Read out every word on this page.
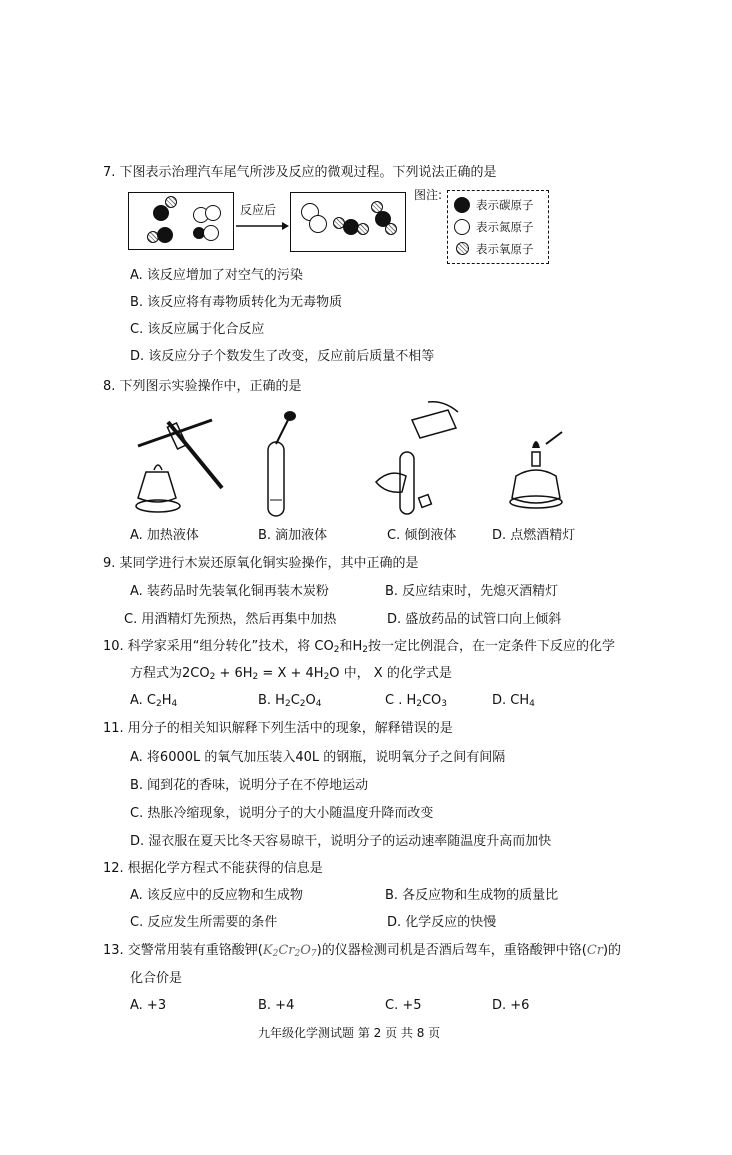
7. 下图表示治理汽车尾气所涉及反应的微观过程。下列说法正确的是
反应后
图注:
表示碳原子
表示氮原子
表示氧原子
A. 该反应增加了对空气的污染
B. 该反应将有毒物质转化为无毒物质
C. 该反应属于化合反应
D. 该反应分子个数发生了改变，反应前后质量不相等
8. 下列图示实验操作中，正确的是
A. 加热液体	B. 滴加液体	C. 倾倒液体	D. 点燃酒精灯
9. 某同学进行木炭还原氧化铜实验操作，其中正确的是
A. 装药品时先装氧化铜再装木炭粉	B. 反应结束时，先熄灭酒精灯
C. 用酒精灯先预热，然后再集中加热	D. 盛放药品的试管口向上倾斜
10. 科学家采用“组分转化”技术，将 $CO_2$和$H_2$按一定比例混合，在一定条件下反应的化学
方程式为$2CO_2 + 6H_2 = X + 4H_2O$ 中， X 的化学式是
A. $C_2H_4$	B. $H_2C_2O_4$	C . $H_2CO_3$	D. $CH_4$
11. 用分子的相关知识解释下列生活中的现象，解释错误的是
A. 将6000L 的氧气加压装入40L 的钢瓶，说明氧分子之间有间隔
B. 闻到花的香味，说明分子在不停地运动
C. 热胀冷缩现象，说明分子的大小随温度升降而改变
D. 湿衣服在夏天比冬天容易晾干，说明分子的运动速率随温度升高而加快
12. 根据化学方程式不能获得的信息是
A. 该反应中的反应物和生成物	B. 各反应物和生成物的质量比
C. 反应发生所需要的条件	D. 化学反应的快慢
13. 交警常用装有重铬酸钾$(K_2Cr_2O_7)$的仪器检测司机是否酒后驾车，重铬酸钾中铬(Cr)的
化合价是
A. +3	B. +4	C. +5	D. +6
九年级化学测试题 第 2 页 共 8 页
